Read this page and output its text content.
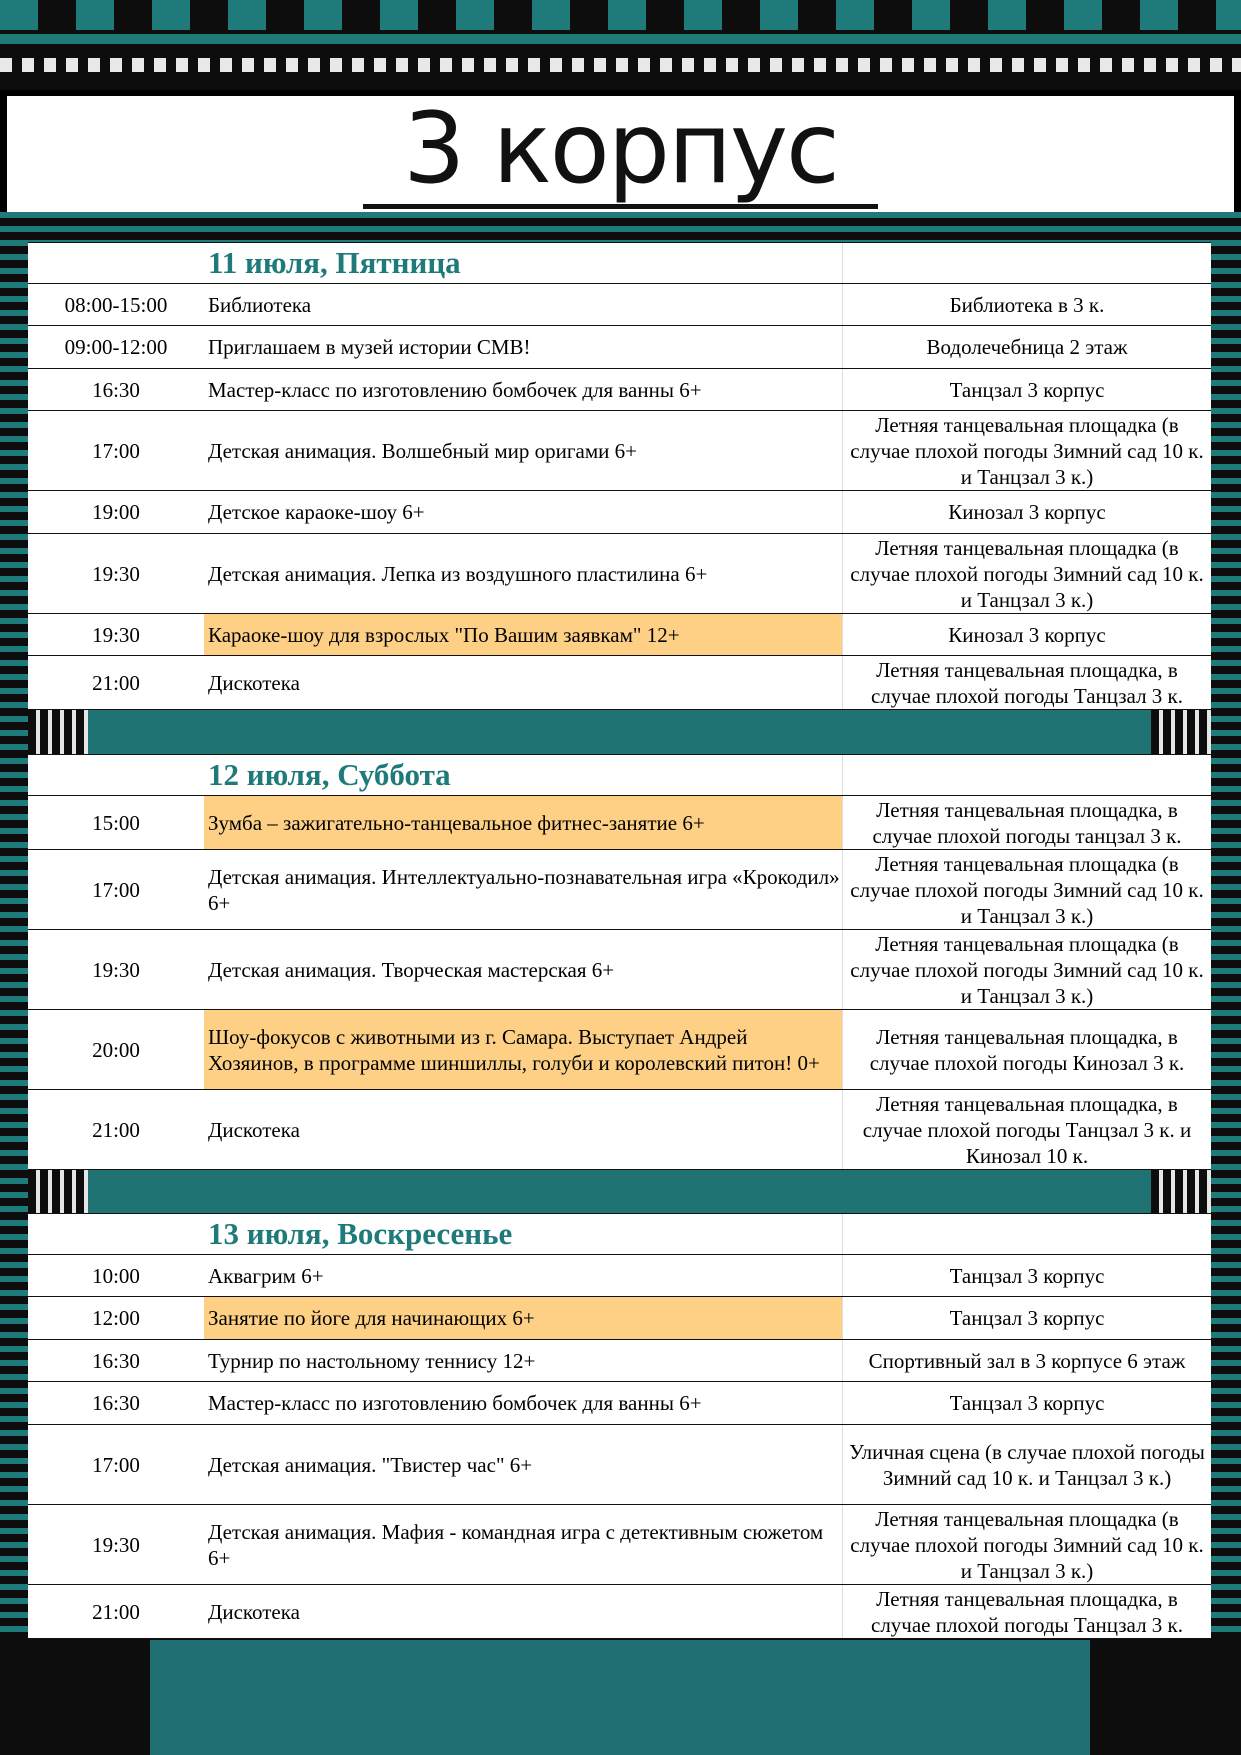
3 корпус
	11 июля, Пятница	
08:00-15:00	Библиотека	Библиотека в 3 к.
09:00-12:00	Приглашаем в музей истории СМВ!	Водолечебница 2 этаж
16:30	Мастер-класс по изготовлению бомбочек для ванны 6+	Танцзал 3 корпус
17:00	Детская анимация. Волшебный мир оригами 6+	Летняя танцевальная площадка (в случае плохой погоды Зимний сад 10 к. и Танцзал 3 к.)
19:00	Детское караоке-шоу 6+	Кинозал 3 корпус
19:30	Детская анимация. Лепка из воздушного пластилина 6+	Летняя танцевальная площадка (в случае плохой погоды Зимний сад 10 к. и Танцзал 3 к.)
19:30	Караоке-шоу для взрослых "По Вашим заявкам" 12+	Кинозал 3 корпус
21:00	Дискотека	Летняя танцевальная площадка, в случае плохой погоды Танцзал 3 к.
	12 июля, Суббота	
15:00	Зумба – зажигательно-танцевальное фитнес-занятие 6+	Летняя танцевальная площадка, в случае плохой погоды танцзал 3 к.
17:00	Детская анимация. Интеллектуально-познавательная игра «Крокодил» 6+	Летняя танцевальная площадка (в случае плохой погоды Зимний сад 10 к. и Танцзал 3 к.)
19:30	Детская анимация. Творческая мастерская 6+	Летняя танцевальная площадка (в случае плохой погоды Зимний сад 10 к. и Танцзал 3 к.)
20:00	Шоу-фокусов с животными из г. Самара. Выступает Андрей Хозяинов, в программе шиншиллы, голуби и королевский питон! 0+	Летняя танцевальная площадка, в случае плохой погоды Кинозал 3 к.
21:00	Дискотека	Летняя танцевальная площадка, в случае плохой погоды Танцзал 3 к. и Кинозал 10 к.
	13 июля, Воскресенье	
10:00	Аквагрим 6+	Танцзал 3 корпус
12:00	Занятие по йоге для начинающих 6+	Танцзал 3 корпус
16:30	Турнир по настольному теннису 12+	Спортивный зал в 3 корпусе 6 этаж
16:30	Мастер-класс по изготовлению бомбочек для ванны 6+	Танцзал 3 корпус
17:00	Детская анимация. "Твистер час" 6+	Уличная сцена (в случае плохой погоды Зимний сад 10 к. и Танцзал 3 к.)
19:30	Детская анимация. Мафия - командная игра с детективным сюжетом 6+	Летняя танцевальная площадка (в случае плохой погоды Зимний сад 10 к. и Танцзал 3 к.)
21:00	Дискотека	Летняя танцевальная площадка, в случае плохой погоды Танцзал 3 к.
